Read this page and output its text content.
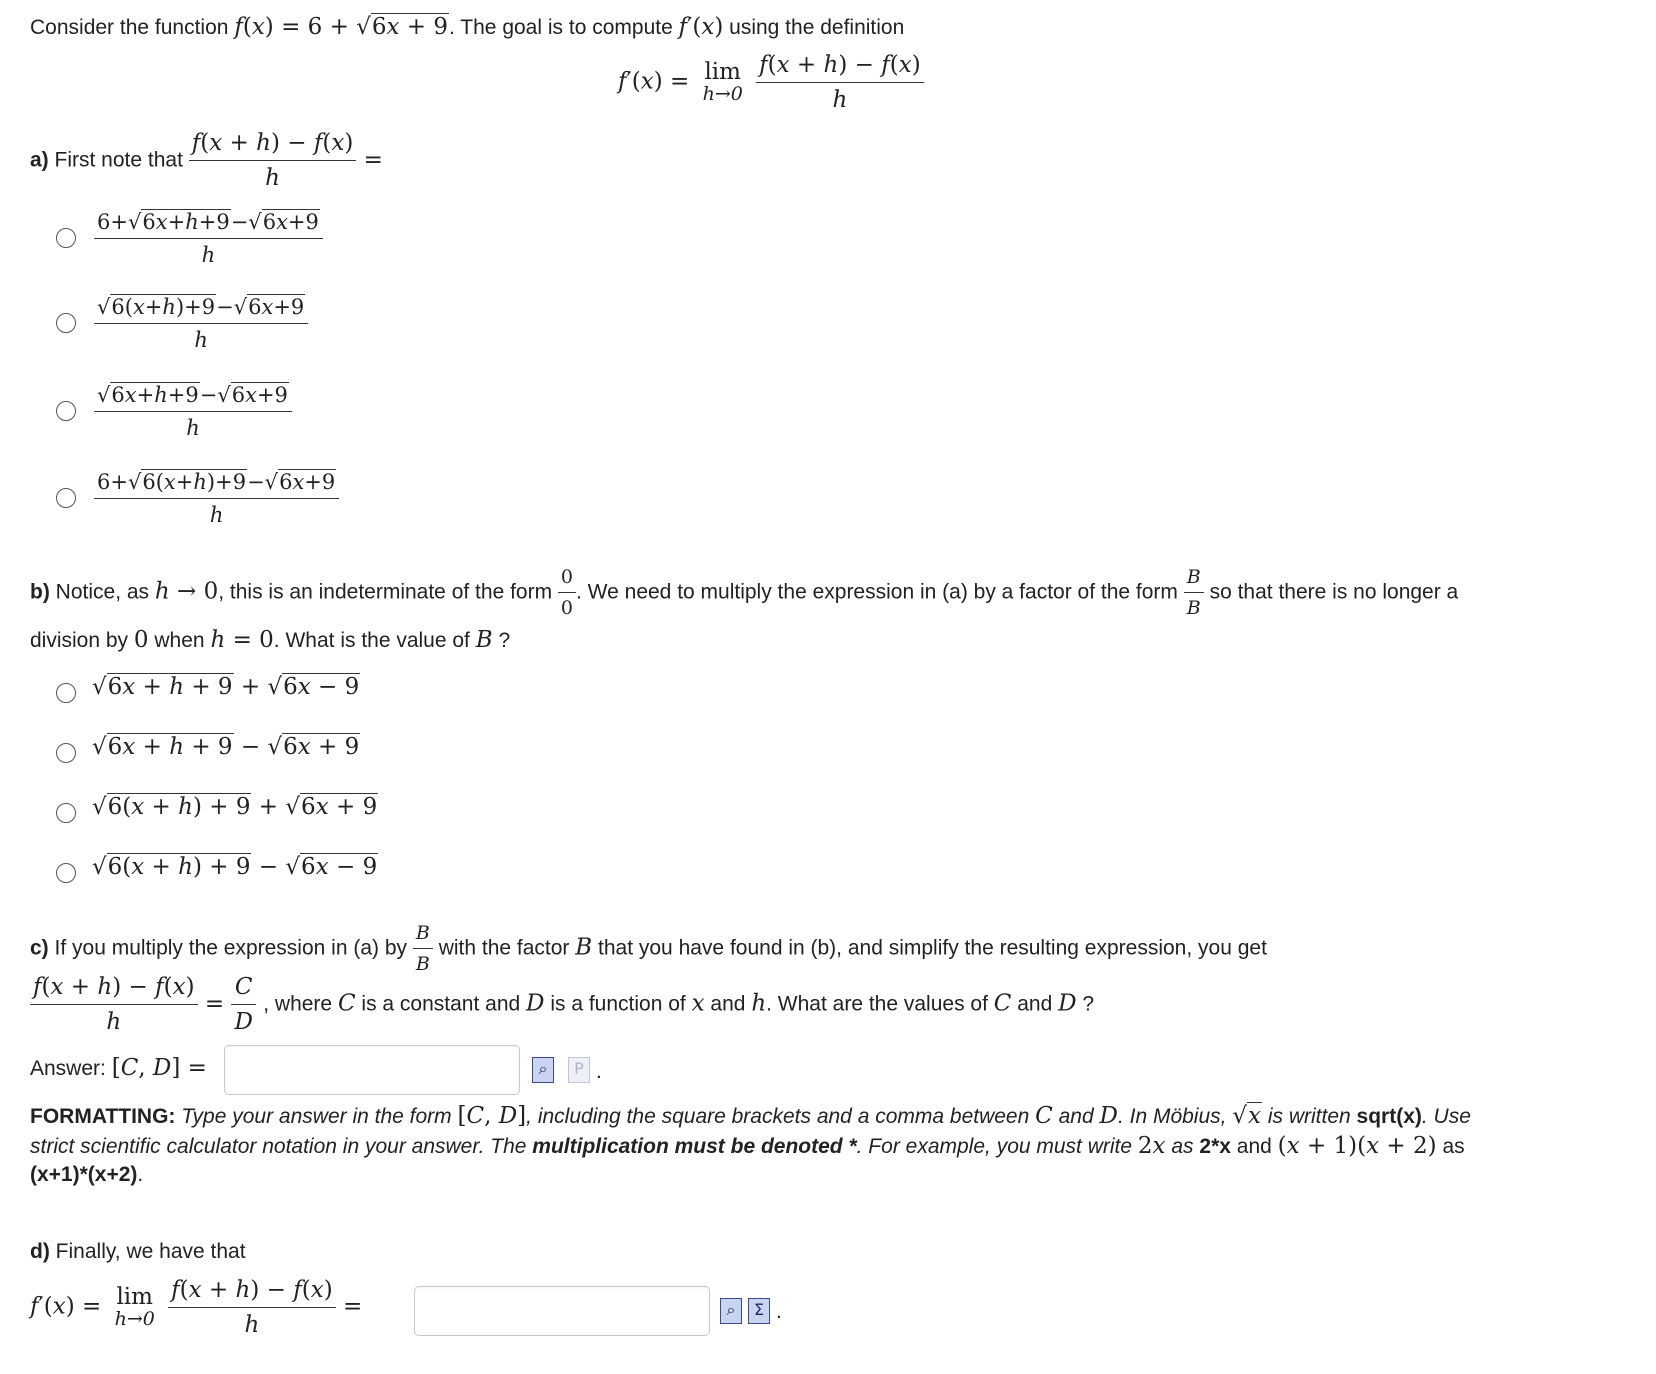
Consider the function f(x) = 6 + √6x + 9. The goal is to compute f′(x) using the definition
f′(x) = lim
h→0
$\frac{f(x + h) - f(x)}{h}$
a) First note that $\frac{f(x + h) - f(x)}{h}$ =
$\frac{6+√6x+h+9-√6x+9}{h}$
$\frac{√6(x+h)+9-√6x+9}{h}$
$\frac{√6x+h+9-√6x+9}{h}$
$\frac{6+√6(x+h)+9-√6x+9}{h}$
b) Notice, as h → 0, this is an indeterminate of the form $\frac{0}{0}$ . We need to multiply the expression in (a) by a factor of the form $\frac{B}{B}$ so that there is no longer a
division by 0 when h = 0. What is the value of B ?
√6x + h + 9 + √6x − 9
√6x + h + 9 − √6x + 9
√6(x + h) + 9 + √6x + 9
√6(x + h) + 9 − √6x − 9
c) If you multiply the expression in (a) by $\frac{B}{B}$ with the factor B that you have found in (b), and simplify the resulting expression, you get
$\frac{f(x + h) - f(x)}{h} = \frac{C}{D}$ , where C is a constant and D is a function of x and h. What are the values of C and D ?
Answer: [C, D] =	⌕	P .
FORMATTING: Type your answer in the form [C, D], including the square brackets and a comma between C and D. In Möbius, √x is written sqrt(x). Use
strict scientific calculator notation in your answer. The multiplication must be denoted *. For example, you must write 2x as 2*x and (x + 1)(x + 2) as
(x+1)*(x+2).
d) Finally, we have that
f′(x) = lim
h→0
$\frac{f(x + h) - f(x)}{h}$ =	⌕	Σ .
